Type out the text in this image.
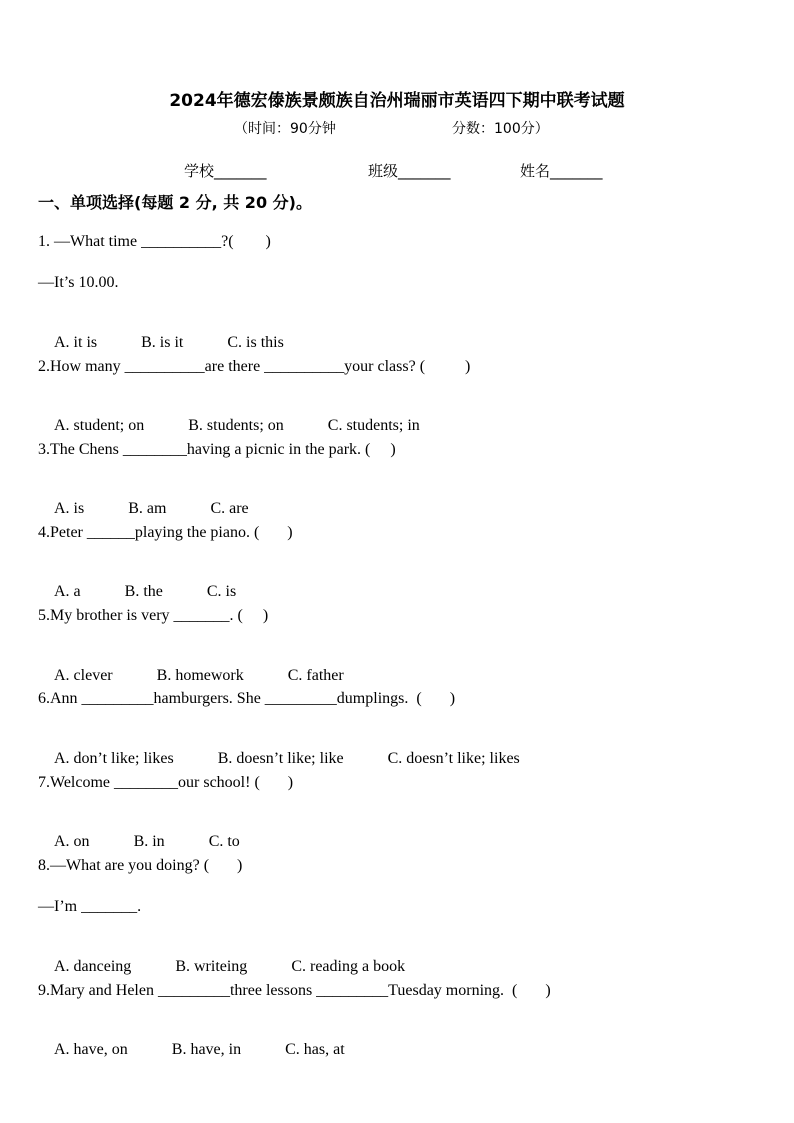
2024年德宏傣族景颇族自治州瑞丽市英语四下期中联考试题
（时间：90分钟	分数：100分）
学校_______	班级_______	姓名_______
一、单项选择(每题 2 分, 共 20 分)。
1. —What time __________?(        )
—It’s 10.00.

A. it is	B. is it	C. is this

2.How many __________are there __________your class? (          )

A. student; on	B. students; on	C. students; in

3.The Chens ________having a picnic in the park. (     )

A. is	B. am	C. are

4.Peter ______playing the piano. (       )

A. a	B. the	C. is

5.My brother is very _______. (     )

A. clever	B. homework	C. father

6.Ann _________hamburgers. She _________dumplings.  (       )

A. don’t like; likes	B. doesn’t like; like	C. doesn’t like; likes

7.Welcome ________our school! (       )

A. on	B. in	C. to

8.—What are you doing? (       )
—I’m _______.

A. danceing	B. writeing	C. reading a book

9.Mary and Helen _________three lessons _________Tuesday morning.  (       )

A. have, on	B. have, in	C. has, at
